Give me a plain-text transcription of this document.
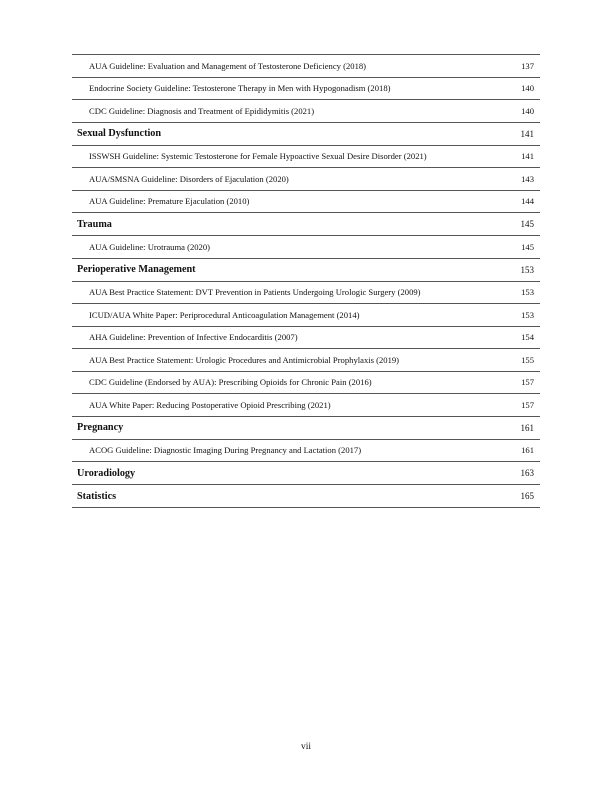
AUA Guideline: Evaluation and Management of Testosterone Deficiency (2018)	137
Endocrine Society Guideline: Testosterone Therapy in Men with Hypogonadism (2018)	140
CDC Guideline: Diagnosis and Treatment of Epididymitis (2021)	140
Sexual Dysfunction	141
ISSWSH Guideline: Systemic Testosterone for Female Hypoactive Sexual Desire Disorder (2021)	141
AUA/SMSNA Guideline: Disorders of Ejaculation (2020)	143
AUA Guideline: Premature Ejaculation (2010)	144
Trauma	145
AUA Guideline: Urotrauma (2020)	145
Perioperative Management	153
AUA Best Practice Statement: DVT Prevention in Patients Undergoing Urologic Surgery (2009)	153
ICUD/AUA White Paper: Periprocedural Anticoagulation Management (2014)	153
AHA Guideline: Prevention of Infective Endocarditis (2007)	154
AUA Best Practice Statement: Urologic Procedures and Antimicrobial Prophylaxis (2019)	155
CDC Guideline (Endorsed by AUA): Prescribing Opioids for Chronic Pain (2016)	157
AUA White Paper: Reducing Postoperative Opioid Prescribing (2021)	157
Pregnancy	161
ACOG Guideline: Diagnostic Imaging During Pregnancy and Lactation (2017)	161
Uroradiology	163
Statistics	165
vii
